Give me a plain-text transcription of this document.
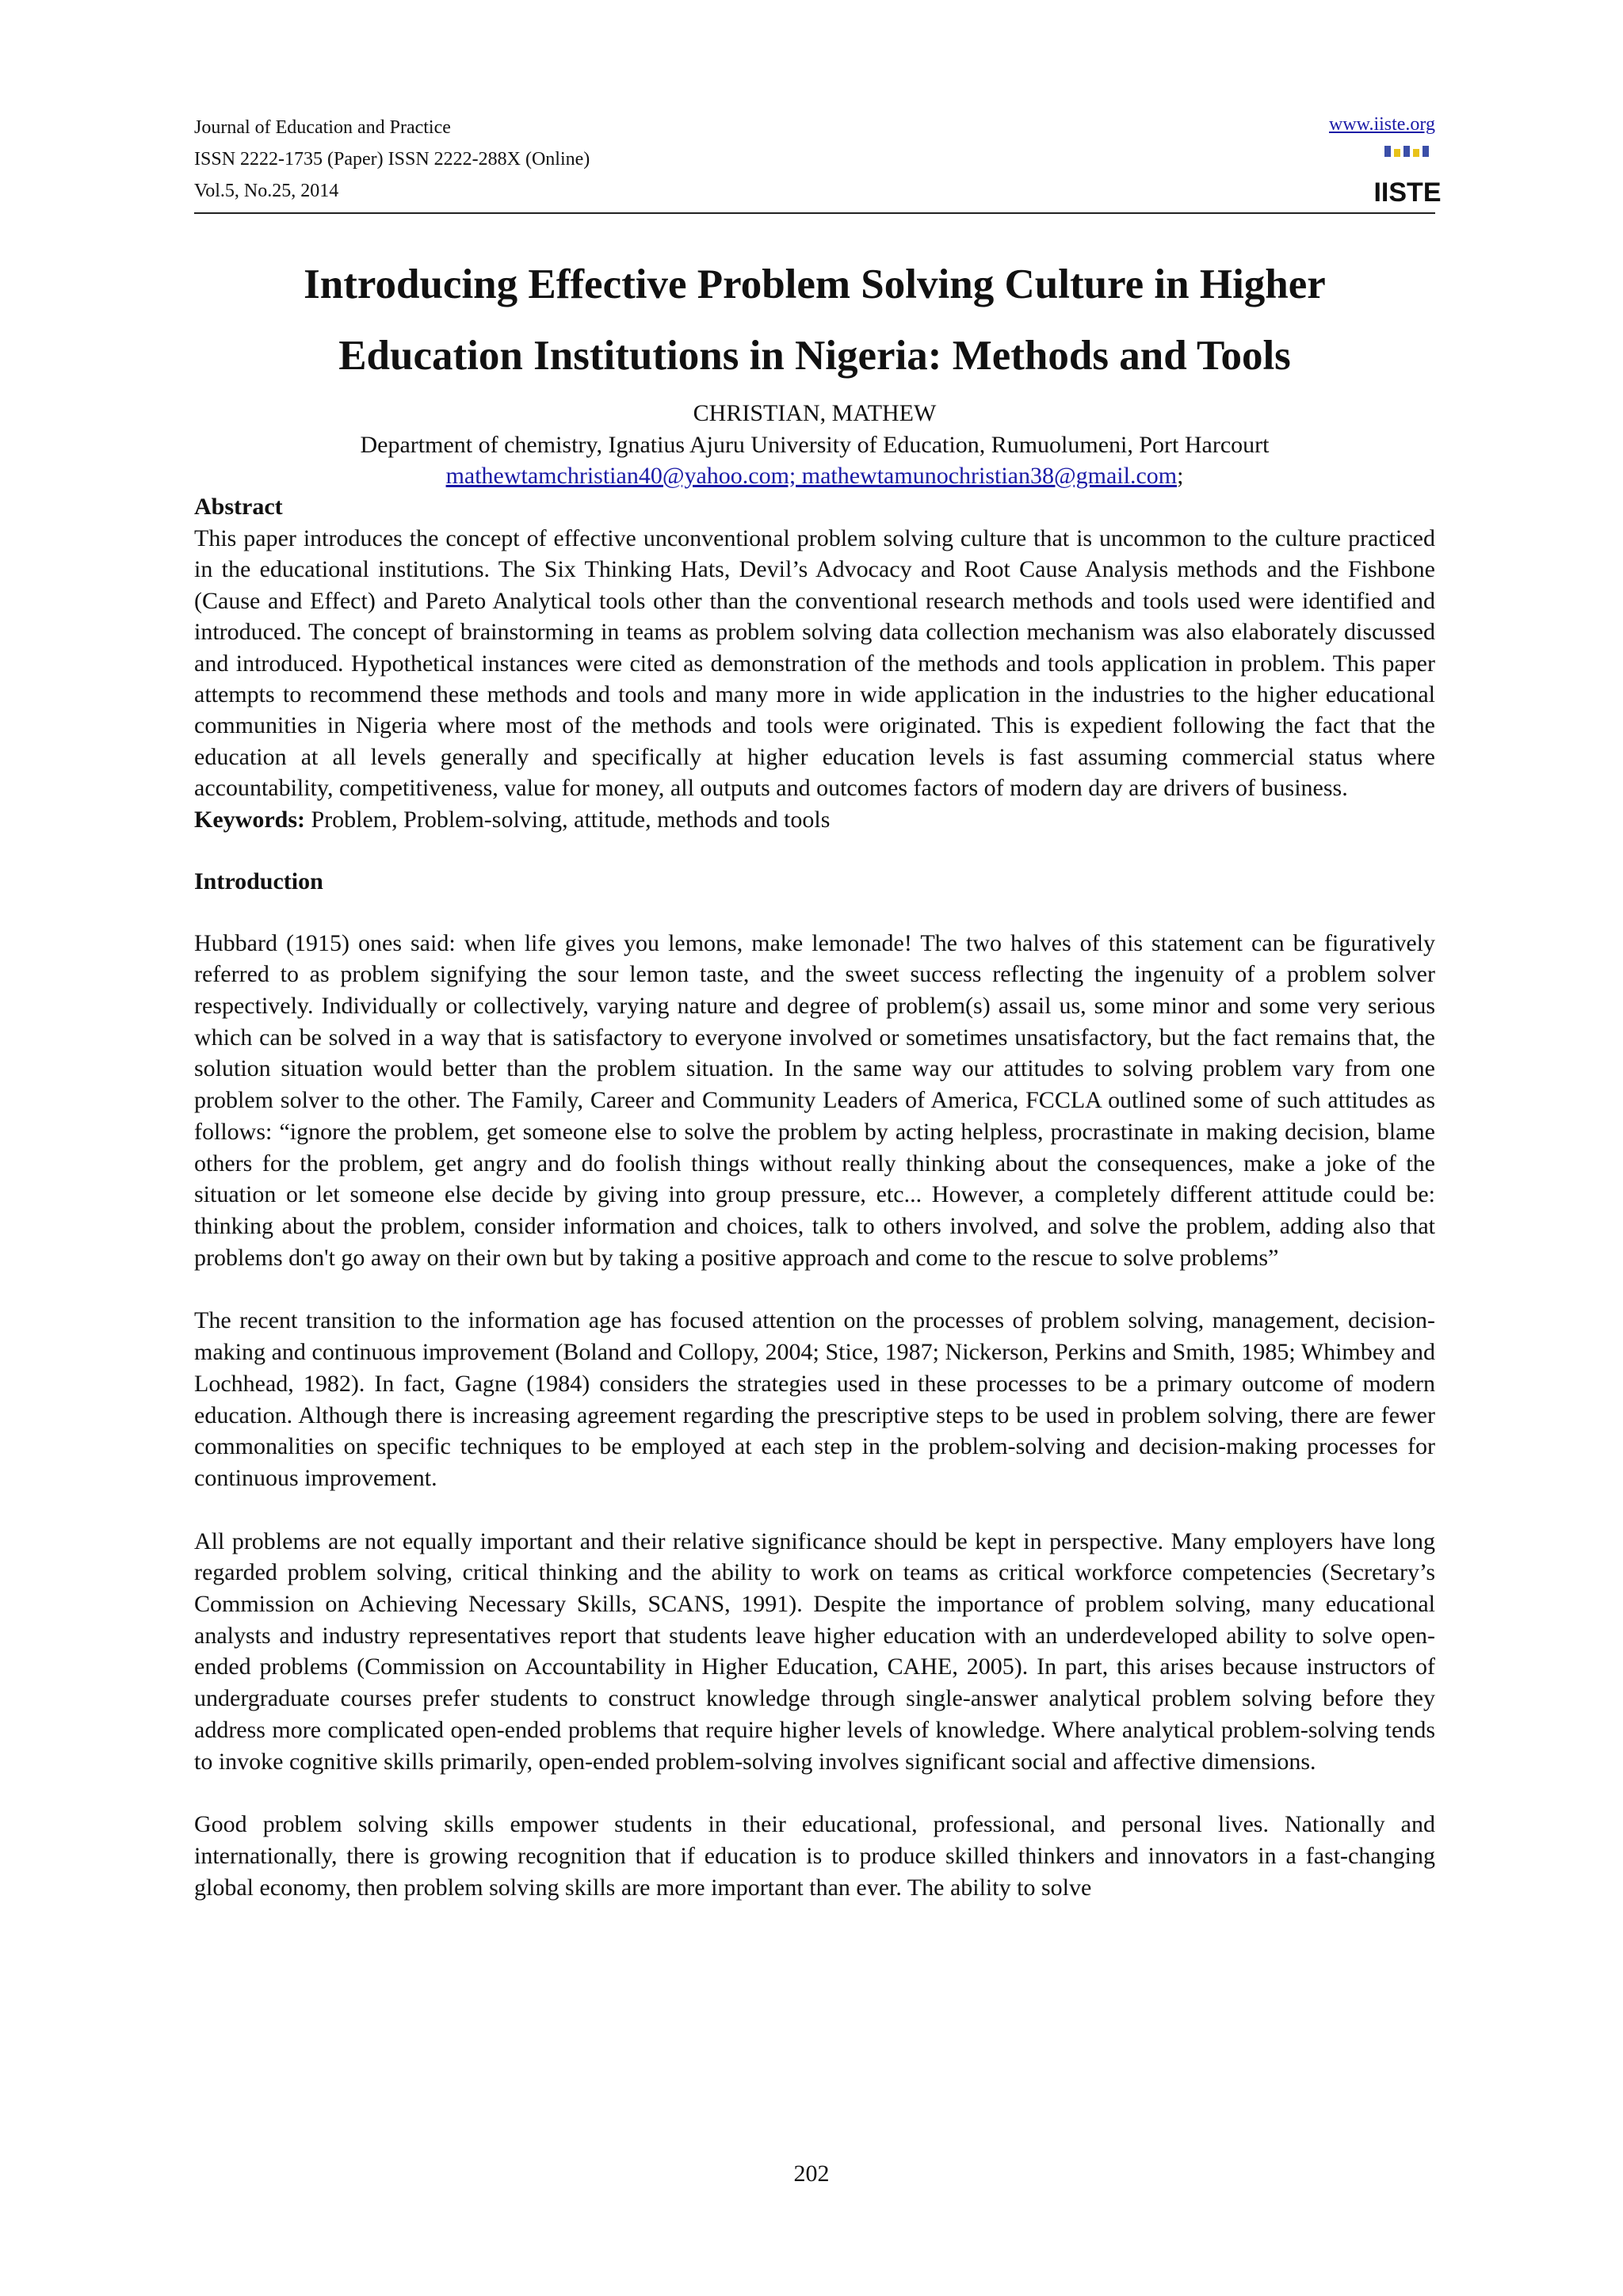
Journal of Education and Practice
ISSN 2222-1735 (Paper) ISSN 2222-288X (Online)
Vol.5, No.25, 2014
www.iiste.org
IISTE
Introducing Effective Problem Solving Culture in Higher
Education Institutions in Nigeria: Methods and Tools
CHRISTIAN, MATHEW
Department of chemistry, Ignatius Ajuru University of Education, Rumuolumeni, Port Harcourt
mathewtamchristian40@yahoo.com; mathewtamunochristian38@gmail.com;
Abstract

This paper introduces the concept of effective unconventional problem solving culture that is uncommon to the culture practiced in the educational institutions. The Six Thinking Hats, Devil’s Advocacy and Root Cause Analysis methods and the Fishbone (Cause and Effect) and Pareto Analytical tools other than the conventional research methods and tools used were identified and introduced. The concept of brainstorming in teams as problem solving data collection mechanism was also elaborately discussed and introduced. Hypothetical instances were cited as demonstration of the methods and tools application in problem. This paper attempts to recommend these methods and tools and many more in wide application in the industries to the higher educational communities in Nigeria where most of the methods and tools were originated. This is expedient following the fact that the education at all levels generally and specifically at higher education levels is fast assuming commercial status where accountability, competitiveness, value for money, all outputs and outcomes factors of modern day are drivers of business.

Keywords: Problem, Problem-solving, attitude, methods and tools

Introduction

Hubbard (1915) ones said: when life gives you lemons, make lemonade! The two halves of this statement can be figuratively referred to as problem signifying the sour lemon taste, and the sweet success reflecting the ingenuity of a problem solver respectively. Individually or collectively, varying nature and degree of problem(s) assail us, some minor and some very serious which can be solved in a way that is satisfactory to everyone involved or sometimes unsatisfactory, but the fact remains that, the solution situation would better than the problem situation. In the same way our attitudes to solving problem vary from one problem solver to the other. The Family, Career and Community Leaders of America, FCCLA outlined some of such attitudes as follows: “ignore the problem, get someone else to solve the problem by acting helpless, procrastinate in making decision, blame others for the problem, get angry and do foolish things without really thinking about the consequences, make a joke of the situation or let someone else decide by giving into group pressure, etc... However, a completely different attitude could be: thinking about the problem, consider information and choices, talk to others involved, and solve the problem, adding also that problems don't go away on their own but by taking a positive approach and come to the rescue to solve problems”

The recent transition to the information age has focused attention on the processes of problem solving, management, decision-making and continuous improvement (Boland and Collopy, 2004; Stice, 1987; Nickerson, Perkins and Smith, 1985; Whimbey and Lochhead, 1982). In fact, Gagne (1984) considers the strategies used in these processes to be a primary outcome of modern education. Although there is increasing agreement regarding the prescriptive steps to be used in problem solving, there are fewer commonalities on specific techniques to be employed at each step in the problem-solving and decision-making processes for continuous improvement.

All problems are not equally important and their relative significance should be kept in perspective. Many employers have long regarded problem solving, critical thinking and the ability to work on teams as critical workforce competencies (Secretary’s Commission on Achieving Necessary Skills, SCANS, 1991). Despite the importance of problem solving, many educational analysts and industry representatives report that students leave higher education with an underdeveloped ability to solve open-ended problems (Commission on Accountability in Higher Education, CAHE, 2005). In part, this arises because instructors of undergraduate courses prefer students to construct knowledge through single-answer analytical problem solving before they address more complicated open-ended problems that require higher levels of knowledge. Where analytical problem-solving tends to invoke cognitive skills primarily, open-ended problem-solving involves significant social and affective dimensions.

Good problem solving skills empower students in their educational, professional, and personal lives. Nationally and internationally, there is growing recognition that if education is to produce skilled thinkers and innovators in a fast-changing global economy, then problem solving skills are more important than ever. The ability to solve

202
